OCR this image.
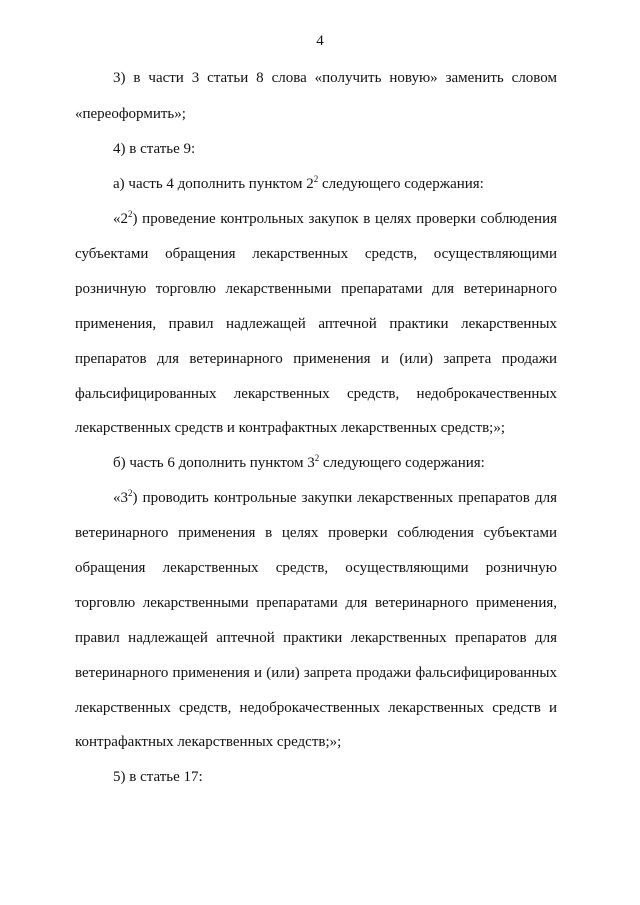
4
3) в части 3 статьи 8 слова «получить новую» заменить словом
«переоформить»;
4) в статье 9:
а) часть 4 дополнить пунктом $2^2$ следующего содержания:
«$2^2$) проведение контрольных закупок в целях проверки соблюдения
субъектами обращения лекарственных средств, осуществляющими
розничную торговлю лекарственными препаратами для ветеринарного
применения, правил надлежащей аптечной практики лекарственных
препаратов для ветеринарного применения и (или) запрета продажи
фальсифицированных лекарственных средств, недоброкачественных
лекарственных средств и контрафактных лекарственных средств;»;
б) часть 6 дополнить пунктом $3^2$ следующего содержания:
«$3^2$) проводить контрольные закупки лекарственных препаратов для
ветеринарного применения в целях проверки соблюдения субъектами
обращения лекарственных средств, осуществляющими розничную
торговлю лекарственными препаратами для ветеринарного применения,
правил надлежащей аптечной практики лекарственных препаратов для
ветеринарного применения и (или) запрета продажи фальсифицированных
лекарственных средств, недоброкачественных лекарственных средств и
контрафактных лекарственных средств;»;
5) в статье 17:
